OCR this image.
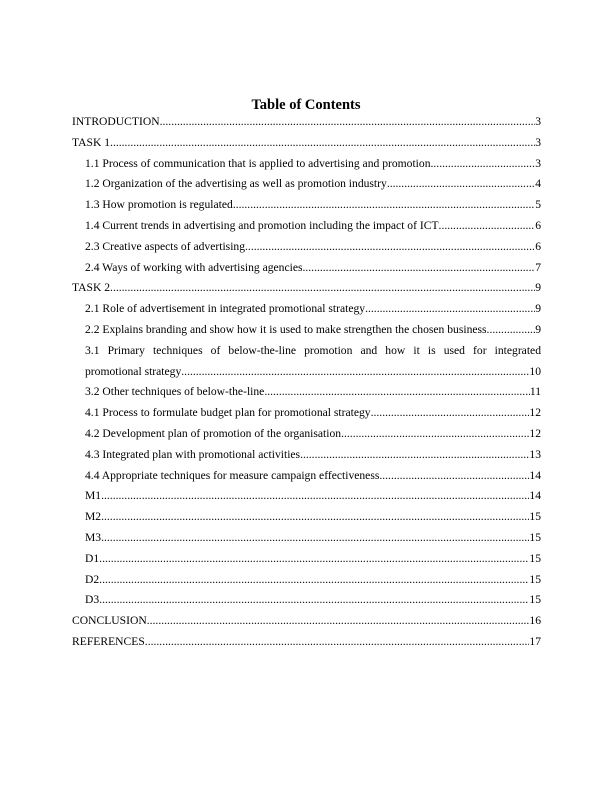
Table of Contents
INTRODUCTION .....	3
TASK 1 .....	3
1.1 Process of communication that is applied to advertising and promotion .....	3
1.2 Organization of the advertising as well as promotion industry .....	4
1.3 How promotion is regulated .....	5
1.4 Current trends in advertising and promotion including the impact of ICT .....	6
2.3 Creative aspects of advertising .....	6
2.4 Ways of working with advertising agencies .....	7
TASK 2 .....	9
2.1 Role of advertisement in integrated promotional strategy .....	9
2.2 Explains branding and show how it is used to make strengthen the chosen business .....	9
3.1 Primary techniques of below-the-line promotion and how it is used for integrated
promotional strategy .....	10
3.2 Other techniques of below-the-line .....	11
4.1 Process to formulate budget plan for promotional strategy .....	12
4.2 Development plan of promotion of the organisation .....	12
4.3 Integrated plan with promotional activities .....	13
4.4 Appropriate techniques for measure campaign effectiveness .....	14
M1 .....	14
M2 .....	15
M3 .....	15
D1 .....	15
D2 .....	15
D3 .....	15
CONCLUSION .....	16
REFERENCES .....	17
